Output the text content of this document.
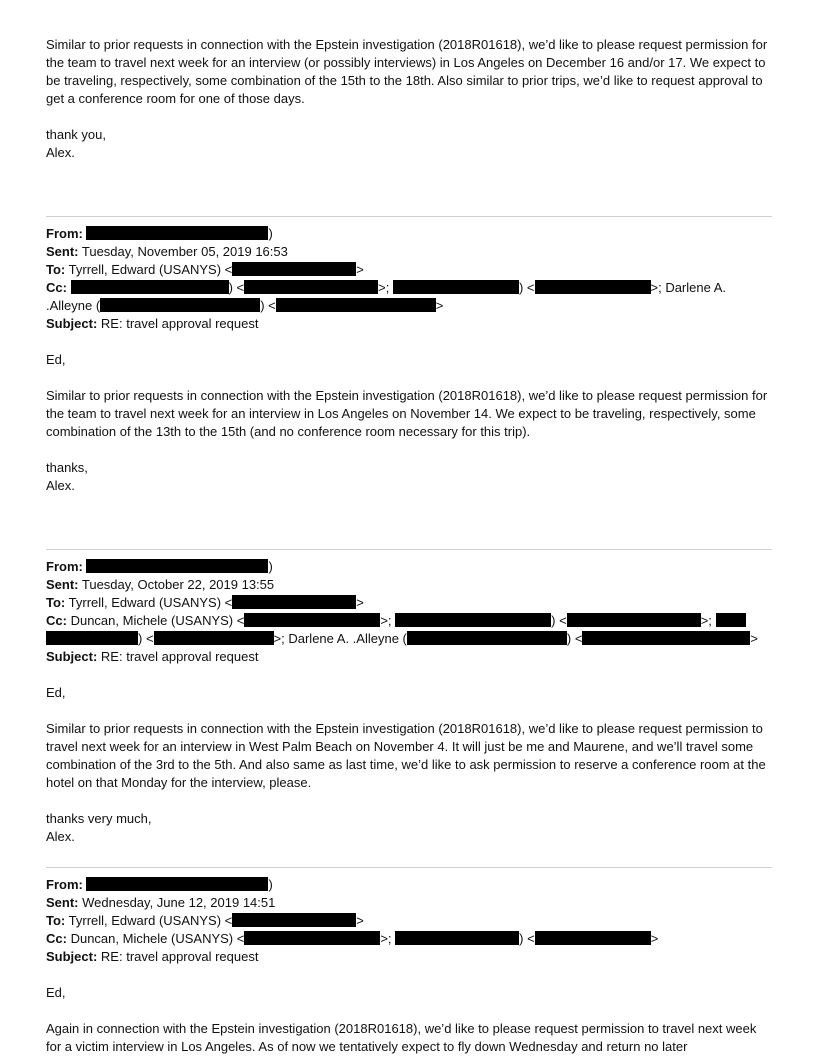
Similar to prior requests in connection with the Epstein investigation (2018R01618), we’d like to please request permission for the team to travel next week for an interview (or possibly interviews) in Los Angeles on December 16 and/or 17. We expect to be traveling, respectively, some combination of the 15th to the 18th. Also similar to prior trips, we’d like to request approval to get a conference room for one of those days.

thank you,

Alex.

From:	)
Sent: Tuesday, November 05, 2019 16:53
To: Tyrrell, Edward (USANYS) <	>
Cc:	) <	>;	) <	>; Darlene A.
.Alleyne (	) <	>
Subject: RE: travel approval request

Ed,

Similar to prior requests in connection with the Epstein investigation (2018R01618), we’d like to please request permission for the team to travel next week for an interview in Los Angeles on November 14. We expect to be traveling, respectively, some combination of the 13th to the 15th (and no conference room necessary for this trip).

thanks,

Alex.

From:	)
Sent: Tuesday, October 22, 2019 13:55
To: Tyrrell, Edward (USANYS) <	>
Cc: Duncan, Michele (USANYS) <	>;	) <	>;
) <	>; Darlene A. .Alleyne (	) <	>
Subject: RE: travel approval request

Ed,

Similar to prior requests in connection with the Epstein investigation (2018R01618), we’d like to please request permission to travel next week for an interview in West Palm Beach on November 4. It will just be me and Maurene, and we’ll travel some combination of the 3rd to the 5th. And also same as last time, we’d like to ask permission to reserve a conference room at the hotel on that Monday for the interview, please.

thanks very much,

Alex.

From:	)
Sent: Wednesday, June 12, 2019 14:51
To: Tyrrell, Edward (USANYS) <	>
Cc: Duncan, Michele (USANYS) <	>;	) <	>
Subject: RE: travel approval request

Ed,

Again in connection with the Epstein investigation (2018R01618), we’d like to please request permission to travel next week for a victim interview in Los Angeles. As of now we tentatively expect to fly down Wednesday and return no later
